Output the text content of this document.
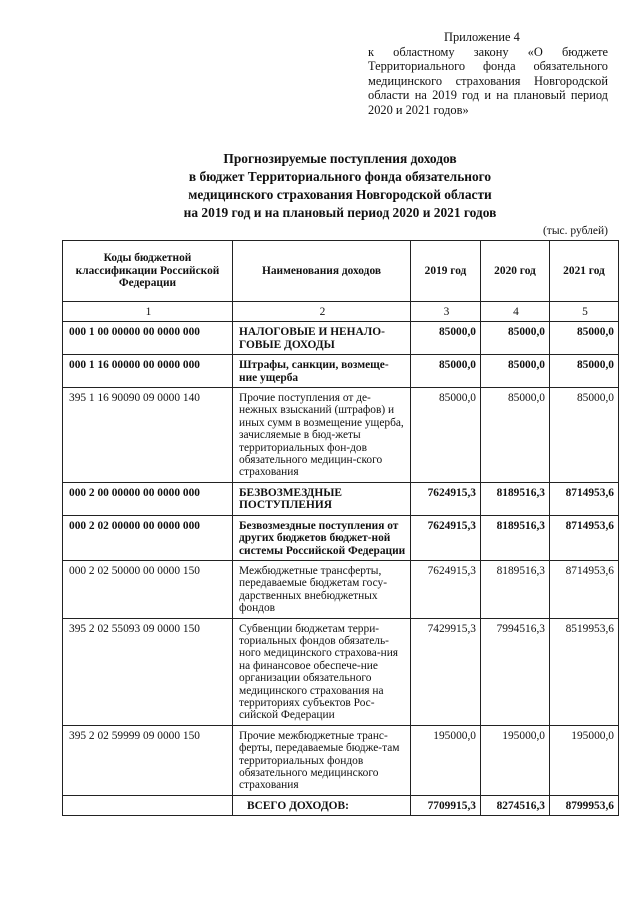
Приложение 4
к областному закону «О бюджете Территориального фонда обязательного медицинского страхования Новгородской области на 2019 год и на плановый период 2020 и 2021 годов»
Прогнозируемые поступления доходов
в бюджет Территориального фонда обязательного
медицинского страхования Новгородской области
на 2019 год и на плановый период 2020 и 2021 годов
(тыс. рублей)
Коды бюджетной классификации Российской Федерации	Наименования доходов	2019 год	2020 год	2021 год
1	2	3	4	5
000 1 00 00000 00 0000 000	НАЛОГОВЫЕ И НЕНАЛО-ГОВЫЕ ДОХОДЫ	85000,0	85000,0	85000,0
000 1 16 00000 00 0000 000	Штрафы, санкции, возмеще-ние ущерба	85000,0	85000,0	85000,0
395 1 16 90090 09 0000 140	Прочие поступления от де-нежных взысканий (штрафов) и иных сумм в возмещение ущерба, зачисляемые в бюд-жеты территориальных фон-дов обязательного медицин-ского страхования	85000,0	85000,0	85000,0
000 2 00 00000 00 0000 000	БЕЗВОЗМЕЗДНЫЕ ПОСТУПЛЕНИЯ	7624915,3	8189516,3	8714953,6
000 2 02 00000 00 0000 000	Безвозмездные поступления от других бюджетов бюджет-ной системы Российской Федерации	7624915,3	8189516,3	8714953,6
000 2 02 50000 00 0000 150	Межбюджетные трансферты, передаваемые бюджетам госу-дарственных внебюджетных фондов	7624915,3	8189516,3	8714953,6
395 2 02 55093 09 0000 150	Субвенции бюджетам терри-ториальных фондов обязатель-ного медицинского страхова-ния на финансовое обеспече-ние организации обязательного медицинского страхования на территориях субъектов Рос-сийской Федерации	7429915,3	7994516,3	8519953,6
395 2 02 59999 09 0000 150	Прочие межбюджетные транс-ферты, передаваемые бюдже-там территориальных фондов обязательного медицинского страхования	195000,0	195000,0	195000,0
	ВСЕГО ДОХОДОВ:	7709915,3	8274516,3	8799953,6
